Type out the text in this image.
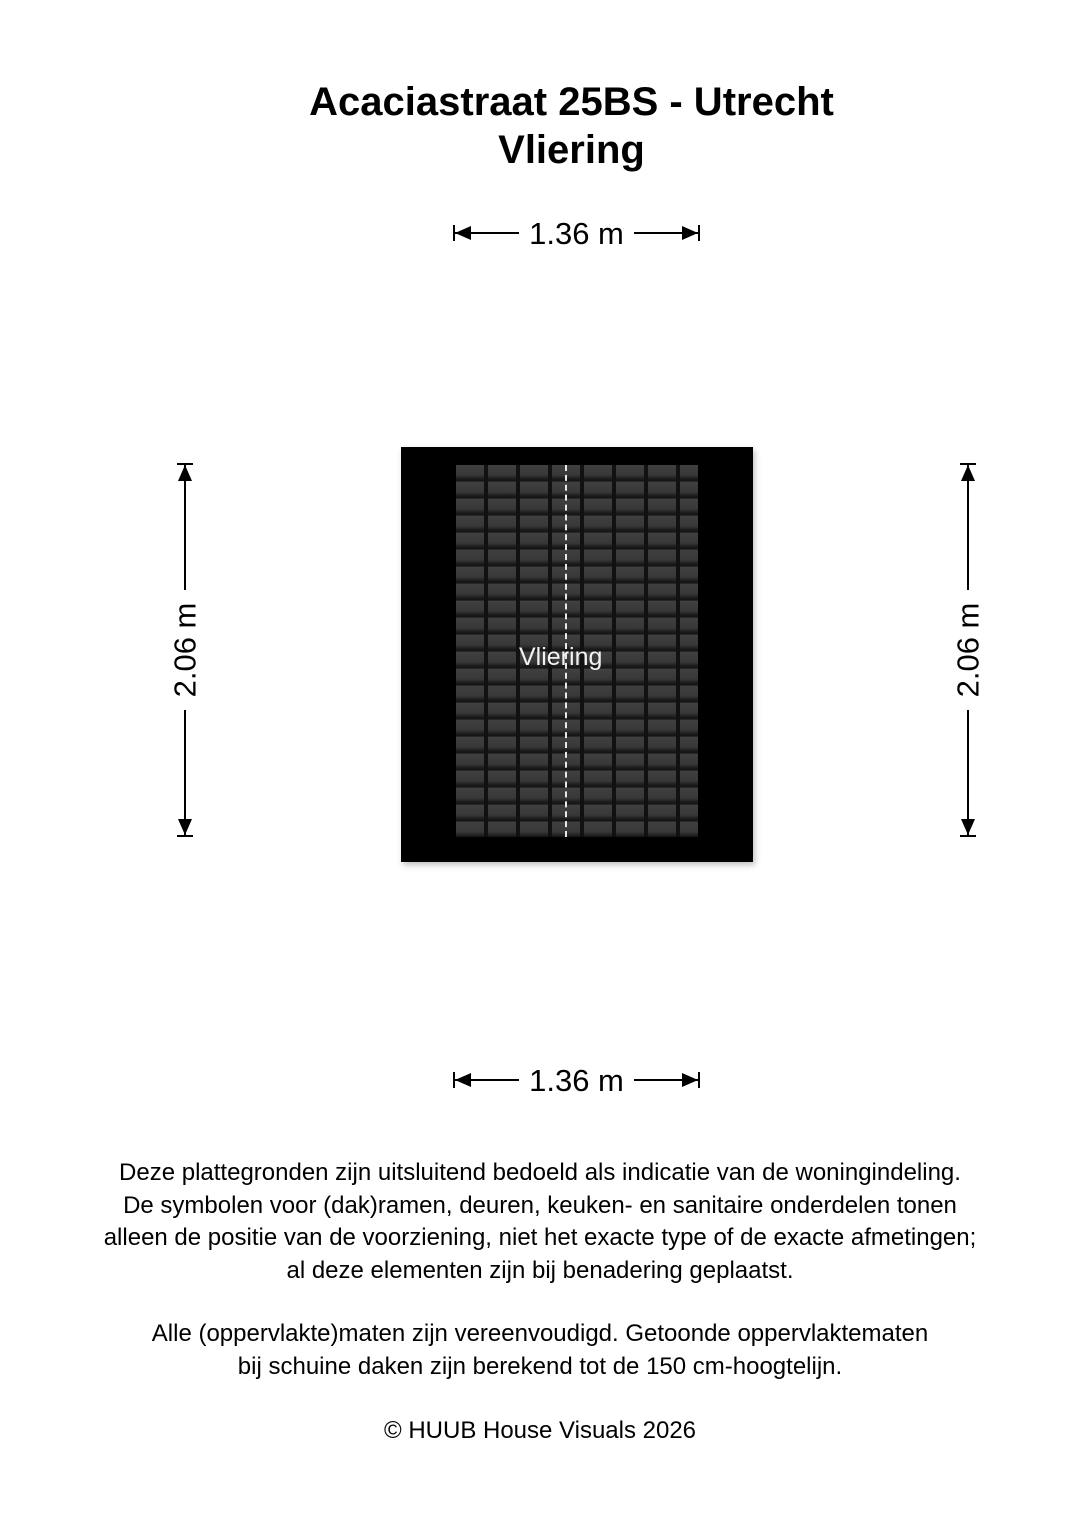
Acaciastraat 25BS - Utrecht
Vliering
1.36 m
2.06 m	2.06 m
Vliering
1.36 m
Deze plattegronden zijn uitsluitend bedoeld als indicatie van de woningindeling.
De symbolen voor (dak)ramen, deuren, keuken- en sanitaire onderdelen tonen
alleen de positie van de voorziening, niet het exacte type of de exacte afmetingen;
al deze elementen zijn bij benadering geplaatst.
Alle (oppervlakte)maten zijn vereenvoudigd. Getoonde oppervlaktematen
bij schuine daken zijn berekend tot de 150 cm-hoogtelijn.
© HUUB House Visuals 2026
